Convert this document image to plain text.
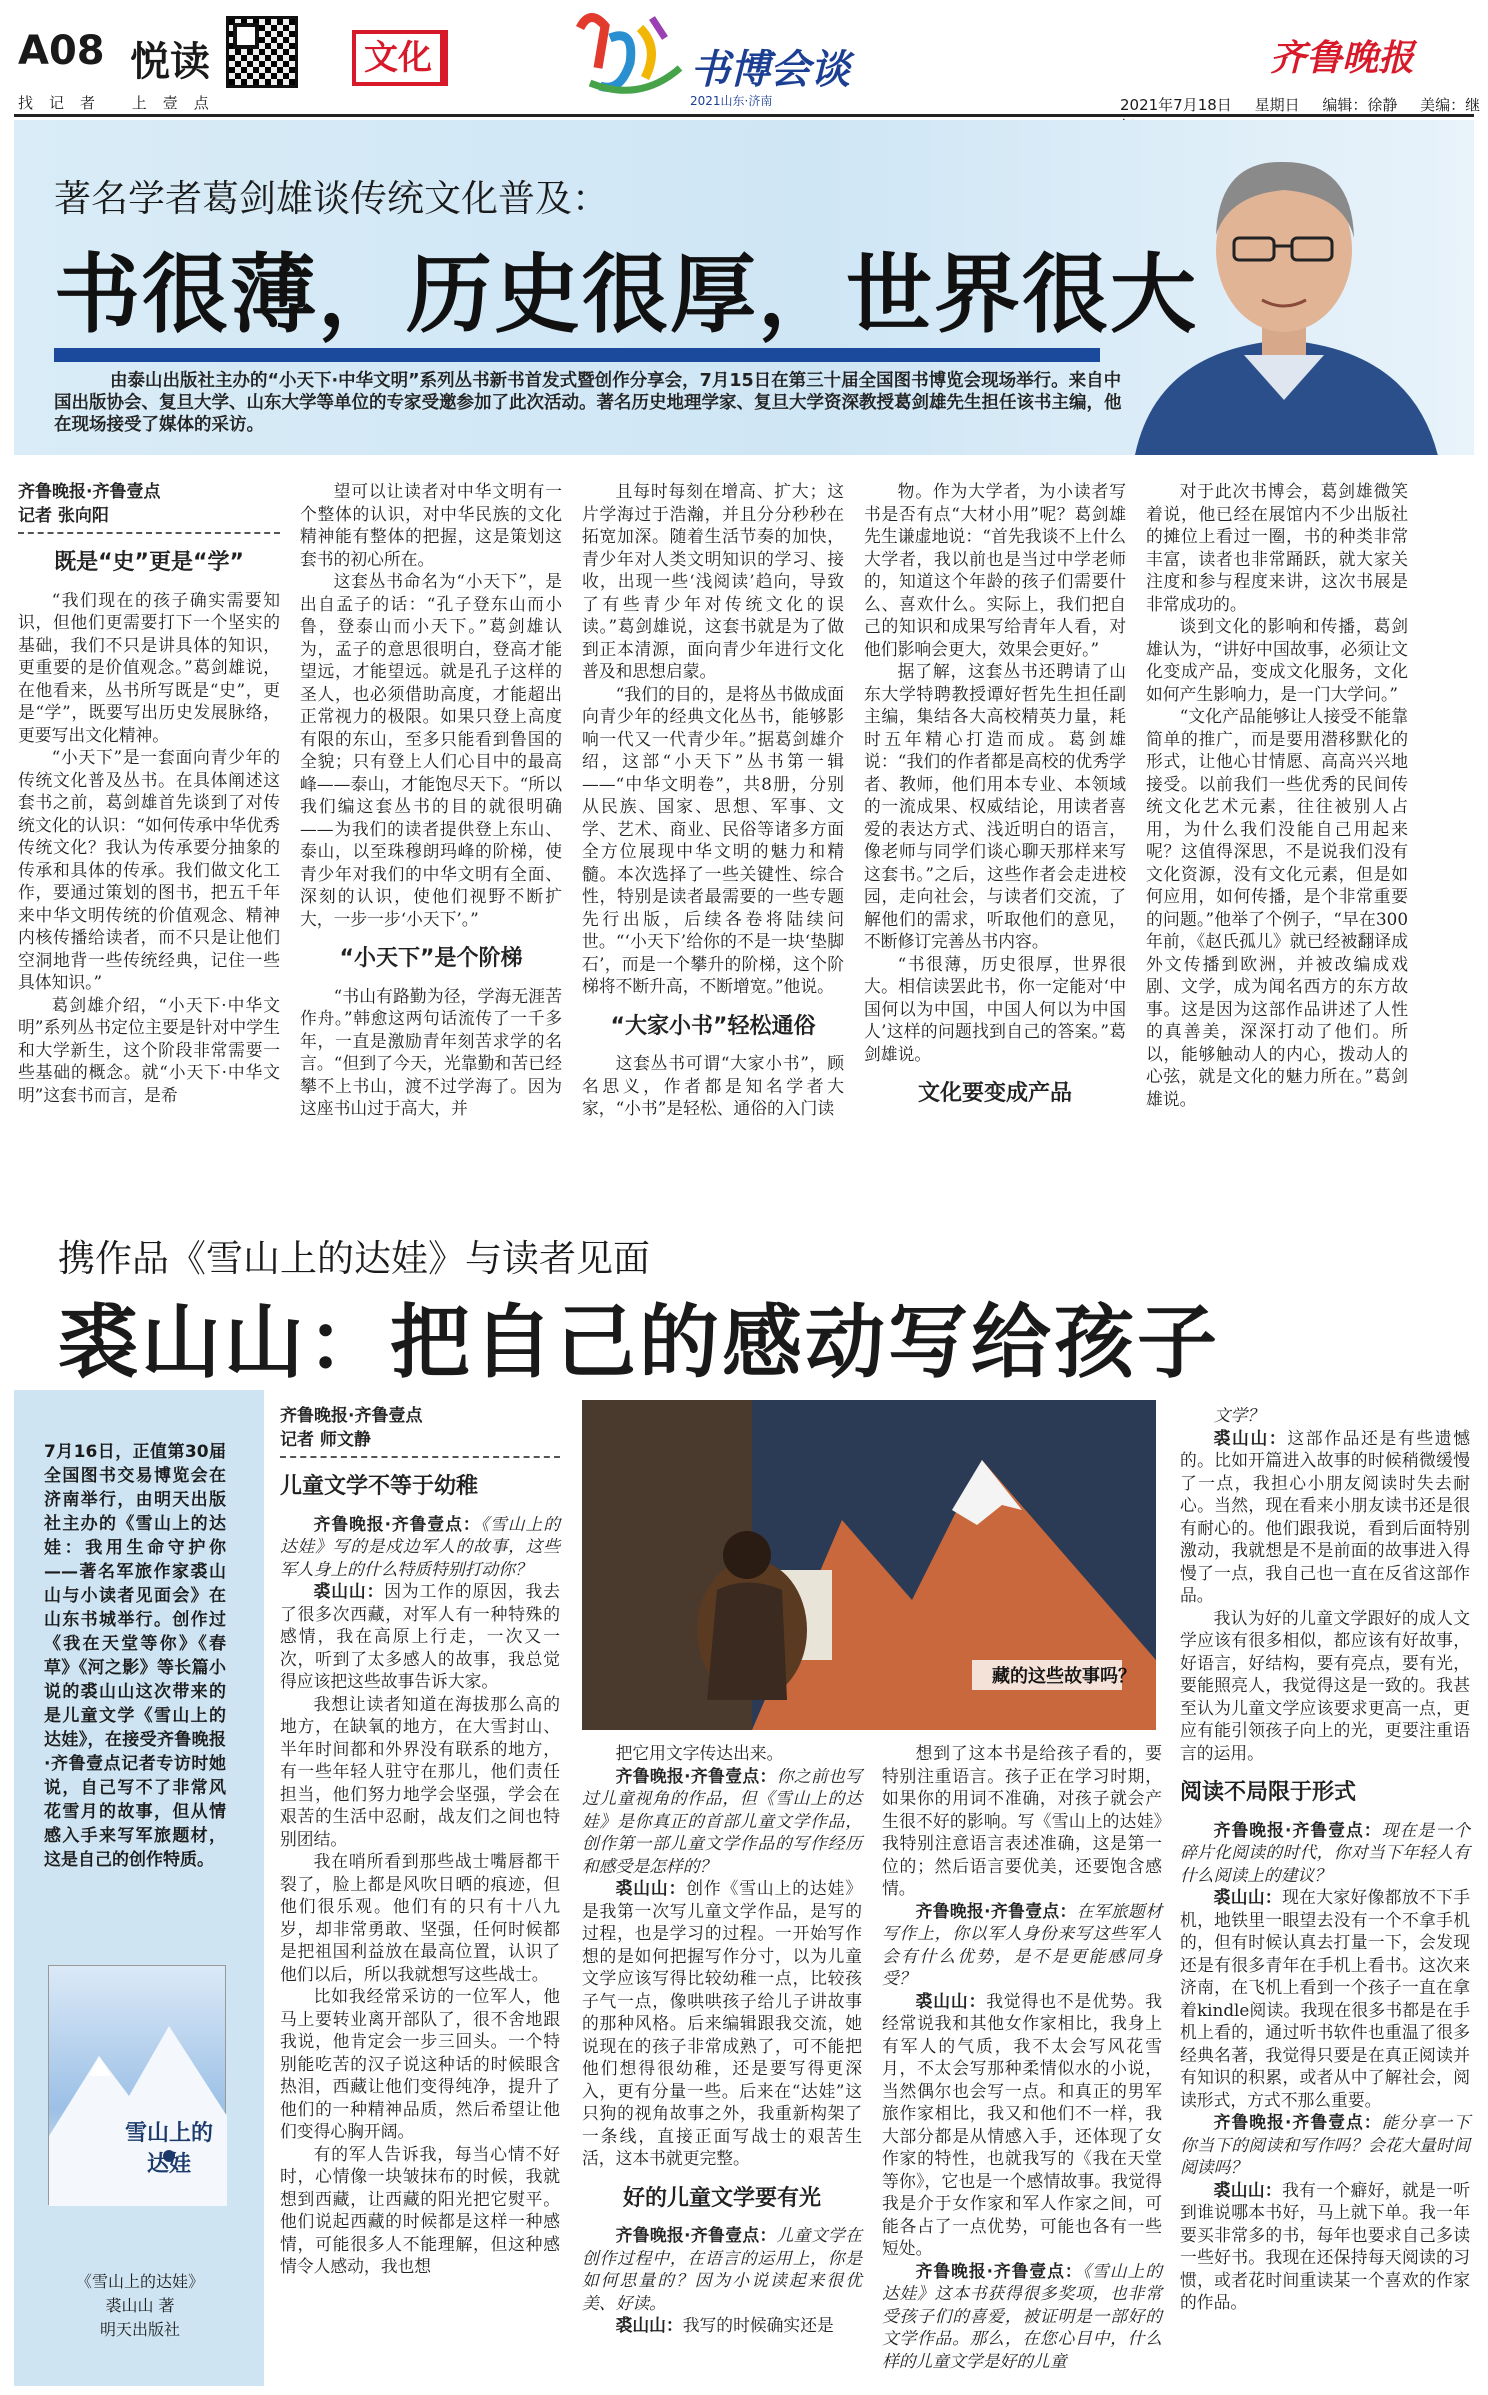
A08 悦读
找记者 上壹点
文化	书博会谈
2021山东·济南
齐鲁晚报
2021年7月18日 星期日 编辑：徐静 美编：继
著名学者葛剑雄谈传统文化普及：
书很薄，历史很厚，世界很大
由泰山出版社主办的“小天下·中华文明”系列丛书新书首发式暨创作分享会，7月15日在第三十届全国图书博览会现场举行。来自中国出版协会、复旦大学、山东大学等单位的专家受邀参加了此次活动。著名历史地理学家、复旦大学资深教授葛剑雄先生担任该书主编，他在现场接受了媒体的采访。
齐鲁晚报·齐鲁壹点
记者 张向阳
既是“史”更是“学”

“我们现在的孩子确实需要知识，但他们更需要打下一个坚实的基础，我们不只是讲具体的知识，更重要的是价值观念。”葛剑雄说，在他看来，丛书所写既是“史”，更是“学”，既要写出历史发展脉络，更要写出文化精神。

“小天下”是一套面向青少年的传统文化普及丛书。在具体阐述这套书之前，葛剑雄首先谈到了对传统文化的认识：“如何传承中华优秀传统文化？我认为传承要分抽象的传承和具体的传承。我们做文化工作，要通过策划的图书，把五千年来中华文明传统的价值观念、精神内核传播给读者，而不只是让他们空洞地背一些传统经典，记住一些具体知识。”

葛剑雄介绍，“小天下·中华文明”系列丛书定位主要是针对中学生和大学新生，这个阶段非常需要一些基础的概念。就“小天下·中华文明”这套书而言，是希

望可以让读者对中华文明有一个整体的认识，对中华民族的文化精神能有整体的把握，这是策划这套书的初心所在。

这套丛书命名为“小天下”，是出自孟子的话：“孔子登东山而小鲁，登泰山而小天下。”葛剑雄认为，孟子的意思很明白，登高才能望远，才能望远。就是孔子这样的圣人，也必须借助高度，才能超出正常视力的极限。如果只登上高度有限的东山，至多只能看到鲁国的全貌；只有登上人们心目中的最高峰——泰山，才能饱尽天下。“所以我们编这套丛书的目的就很明确——为我们的读者提供登上东山、泰山，以至珠穆朗玛峰的阶梯，使青少年对我们的中华文明有全面、深刻的认识，使他们视野不断扩大，一步一步‘小天下’。”

“小天下”是个阶梯

“书山有路勤为径，学海无涯苦作舟。”韩愈这两句话流传了一千多年，一直是激励青年刻苦求学的名言。“但到了今天，光靠勤和苦已经攀不上书山，渡不过学海了。因为这座书山过于高大，并

且每时每刻在增高、扩大；这片学海过于浩瀚，并且分分秒秒在拓宽加深。随着生活节奏的加快，青少年对人类文明知识的学习、接收，出现一些‘浅阅读’趋向，导致了有些青少年对传统文化的误读。”葛剑雄说，这套书就是为了做到正本清源，面向青少年进行文化普及和思想启蒙。

“我们的目的，是将丛书做成面向青少年的经典文化丛书，能够影响一代又一代青少年。”据葛剑雄介绍，这部“小天下”丛书第一辑——“中华文明卷”，共8册，分别从民族、国家、思想、军事、文学、艺术、商业、民俗等诸多方面全方位展现中华文明的魅力和精髓。本次选择了一些关键性、综合性，特别是读者最需要的一些专题先行出版，后续各卷将陆续问世。“‘小天下’给你的不是一块‘垫脚石’，而是一个攀升的阶梯，这个阶梯将不断升高，不断增宽。”他说。

“大家小书”轻松通俗

这套丛书可谓“大家小书”，顾名思义，作者都是知名学者大家，“小书”是轻松、通俗的入门读

物。作为大学者，为小读者写书是否有点“大材小用”呢？葛剑雄先生谦虚地说：“首先我谈不上什么大学者，我以前也是当过中学老师的，知道这个年龄的孩子们需要什么、喜欢什么。实际上，我们把自己的知识和成果写给青年人看，对他们影响会更大，效果会更好。”

据了解，这套丛书还聘请了山东大学特聘教授谭好哲先生担任副主编，集结各大高校精英力量，耗时五年精心打造而成。葛剑雄说：“我们的作者都是高校的优秀学者、教师，他们用本专业、本领域的一流成果、权威结论，用读者喜爱的表达方式、浅近明白的语言，像老师与同学们谈心聊天那样来写这套书。”之后，这些作者会走进校园，走向社会，与读者们交流，了解他们的需求，听取他们的意见，不断修订完善丛书内容。

“书很薄，历史很厚，世界很大。相信读罢此书，你一定能对‘中国何以为中国，中国人何以为中国人’这样的问题找到自己的答案。”葛剑雄说。

文化要变成产品

对于此次书博会，葛剑雄微笑着说，他已经在展馆内不少出版社的摊位上看过一圈，书的种类非常丰富，读者也非常踊跃，就大家关注度和参与程度来讲，这次书展是非常成功的。

谈到文化的影响和传播，葛剑雄认为，“讲好中国故事，必须让文化变成产品，变成文化服务，文化如何产生影响力，是一门大学问。”

“文化产品能够让人接受不能靠简单的推广，而是要用潜移默化的形式，让他心甘情愿、高高兴兴地接受。以前我们一些优秀的民间传统文化艺术元素，往往被别人占用，为什么我们没能自己用起来呢？这值得深思，不是说我们没有文化资源，没有文化元素，但是如何应用，如何传播，是个非常重要的问题。”他举了个例子，“早在300年前，《赵氏孤儿》就已经被翻译成外文传播到欧洲，并被改编成戏剧、文学，成为闻名西方的东方故事。这是因为这部作品讲述了人性的真善美，深深打动了他们。所以，能够触动人的内心，拨动人的心弦，就是文化的魅力所在。”葛剑雄说。

携作品《雪山上的达娃》与读者见面
裘山山：把自己的感动写给孩子
7月16日，正值第30届全国图书交易博览会在济南举行，由明天出版社主办的《雪山上的达娃：我用生命守护你——著名军旅作家裘山山与小读者见面会》在山东书城举行。创作过《我在天堂等你》《春草》《河之影》等长篇小说的裘山山这次带来的是儿童文学《雪山上的达娃》，在接受齐鲁晚报·齐鲁壹点记者专访时她说，自己写不了非常风花雪月的故事，但从情感入手来写军旅题材，这是自己的创作特质。
雪山上的达娃
《雪山上的达娃》
裘山山 著
明天出版社
藏的这些故事吗？
齐鲁晚报·齐鲁壹点
记者 师文静
儿童文学不等于幼稚

齐鲁晚报·齐鲁壹点：《雪山上的达娃》写的是戍边军人的故事，这些军人身上的什么特质特别打动你？

裘山山：因为工作的原因，我去了很多次西藏，对军人有一种特殊的感情，我在高原上行走，一次又一次，听到了太多感人的故事，我总觉得应该把这些故事告诉大家。

我想让读者知道在海拔那么高的地方，在缺氧的地方，在大雪封山、半年时间都和外界没有联系的地方，有一些年轻人驻守在那儿，他们责任担当，他们努力地学会坚强，学会在艰苦的生活中忍耐，战友们之间也特别团结。

我在哨所看到那些战士嘴唇都干裂了，脸上都是风吹日晒的痕迹，但他们很乐观。他们有的只有十八九岁，却非常勇敢、坚强，任何时候都是把祖国利益放在最高位置，认识了他们以后，所以我就想写这些战士。

比如我经常采访的一位军人，他马上要转业离开部队了，很不舍地跟我说，他肯定会一步三回头。一个特别能吃苦的汉子说这种话的时候眼含热泪，西藏让他们变得纯净，提升了他们的一种精神品质，然后希望让他们变得心胸开阔。

有的军人告诉我，每当心情不好时，心情像一块皱抹布的时候，我就想到西藏，让西藏的阳光把它熨平。他们说起西藏的时候都是这样一种感情，可能很多人不能理解，但这种感情令人感动，我也想

把它用文字传达出来。

齐鲁晚报·齐鲁壹点：你之前也写过儿童视角的作品，但《雪山上的达娃》是你真正的首部儿童文学作品，创作第一部儿童文学作品的写作经历和感受是怎样的？

裘山山：创作《雪山上的达娃》是我第一次写儿童文学作品，是写的过程，也是学习的过程。一开始写作想的是如何把握写作分寸，以为儿童文学应该写得比较幼稚一点，比较孩子气一点，像哄哄孩子给儿子讲故事的那种风格。后来编辑跟我交流，她说现在的孩子非常成熟了，可不能把他们想得很幼稚，还是要写得更深入，更有分量一些。后来在“达娃”这只狗的视角故事之外，我重新构架了一条线，直接正面写战士的艰苦生活，这本书就更完整。

好的儿童文学要有光

齐鲁晚报·齐鲁壹点：儿童文学在创作过程中，在语言的运用上，你是如何思量的？因为小说读起来很优美、好读。

裘山山：我写的时候确实还是

想到了这本书是给孩子看的，要特别注重语言。孩子正在学习时期，如果你的用词不准确，对孩子就会产生很不好的影响。写《雪山上的达娃》我特别注意语言表述准确，这是第一位的；然后语言要优美，还要饱含感情。

齐鲁晚报·齐鲁壹点：在军旅题材写作上，你以军人身份来写这些军人会有什么优势，是不是更能感同身受？

裘山山：我觉得也不是优势。我经常说我和其他女作家相比，我身上有军人的气质，我不太会写风花雪月，不太会写那种柔情似水的小说，当然偶尔也会写一点。和真正的男军旅作家相比，我又和他们不一样，我大部分都是从情感入手，还体现了女作家的特性，也就我写的《我在天堂等你》，它也是一个感情故事。我觉得我是介于女作家和军人作家之间，可能各占了一点优势，可能也各有一些短处。

齐鲁晚报·齐鲁壹点：《雪山上的达娃》这本书获得很多奖项，也非常受孩子们的喜爱，被证明是一部好的文学作品。那么，在您心目中，什么样的儿童文学是好的儿童

文学？

裘山山：这部作品还是有些遗憾的。比如开篇进入故事的时候稍微缓慢了一点，我担心小朋友阅读时失去耐心。当然，现在看来小朋友读书还是很有耐心的。他们跟我说，看到后面特别激动，我就想是不是前面的故事进入得慢了一点，我自己也一直在反省这部作品。

我认为好的儿童文学跟好的成人文学应该有很多相似，都应该有好故事，好语言，好结构，要有亮点，要有光，要能照亮人，我觉得这是一致的。我甚至认为儿童文学应该要求更高一点，更应有能引领孩子向上的光，更要注重语言的运用。

阅读不局限于形式

齐鲁晚报·齐鲁壹点：现在是一个碎片化阅读的时代，你对当下年轻人有什么阅读上的建议？

裘山山：现在大家好像都放不下手机，地铁里一眼望去没有一个不拿手机的，但有时候认真去打量一下，会发现还是有很多青年在手机上看书。这次来济南，在飞机上看到一个孩子一直在拿着kindle阅读。我现在很多书都是在手机上看的，通过听书软件也重温了很多经典名著，我觉得只要是在真正阅读并有知识的积累，或者从中了解社会，阅读形式，方式不那么重要。

齐鲁晚报·齐鲁壹点：能分享一下你当下的阅读和写作吗？会花大量时间阅读吗？

裘山山：我有一个癖好，就是一听到谁说哪本书好，马上就下单。我一年要买非常多的书，每年也要求自己多读一些好书。我现在还保持每天阅读的习惯，或者花时间重读某一个喜欢的作家的作品。
